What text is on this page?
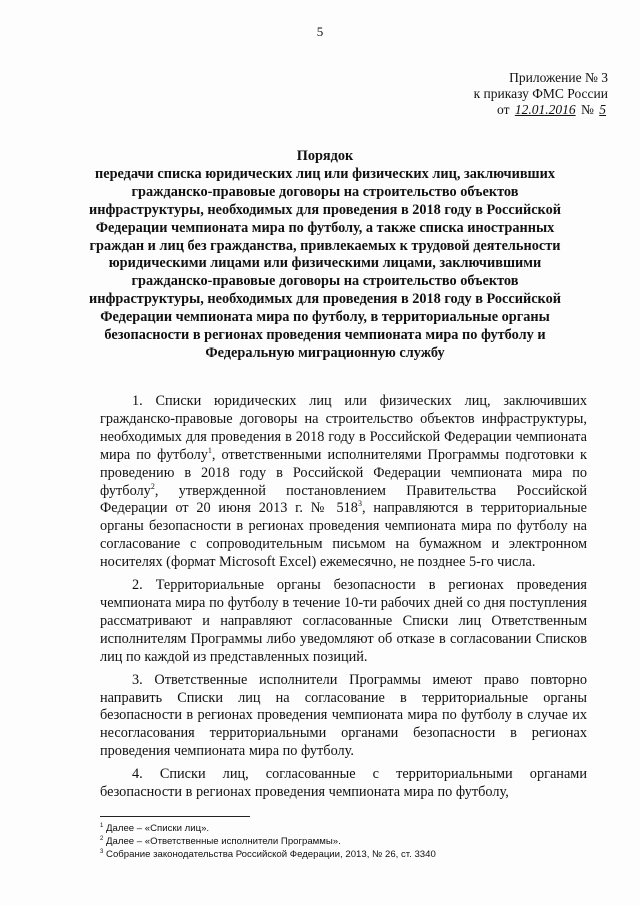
5
Приложение № 3
к приказу ФМС России
от 12.01.2016 № 5
Порядок
передачи списка юридических лиц или физических лиц, заключивших гражданско-правовые договоры на строительство объектов инфраструктуры, необходимых для проведения в 2018 году в Российской Федерации чемпионата мира по футболу, а также списка иностранных граждан и лиц без гражданства, привлекаемых к трудовой деятельности юридическими лицами или физическими лицами, заключившими гражданско-правовые договоры на строительство объектов инфраструктуры, необходимых для проведения в 2018 году в Российской Федерации чемпионата мира по футболу, в территориальные органы безопасности в регионах проведения чемпионата мира по футболу и Федеральную миграционную службу

1. Списки юридических лиц или физических лиц, заключивших гражданско-правовые договоры на строительство объектов инфраструктуры, необходимых для проведения в 2018 году в Российской Федерации чемпионата мира по футболу$^1$, ответственными исполнителями Программы подготовки к проведению в 2018 году в Российской Федерации чемпионата мира по футболу$^2$, утвержденной постановлением Правительства Российской Федерации от 20 июня 2013 г. № $518^3$, направляются в территориальные органы безопасности в регионах проведения чемпионата мира по футболу на согласование с сопроводительным письмом на бумажном и электронном носителях (формат Microsoft Excel) ежемесячно, не позднее 5-го числа.

2. Территориальные органы безопасности в регионах проведения чемпионата мира по футболу в течение 10-ти рабочих дней со дня поступления рассматривают и направляют согласованные Списки лиц Ответственным исполнителям Программы либо уведомляют об отказе в согласовании Списков лиц по каждой из представленных позиций.

3. Ответственные исполнители Программы имеют право повторно направить Списки лиц на согласование в территориальные органы безопасности в регионах проведения чемпионата мира по футболу в случае их несогласования территориальными органами безопасности в регионах проведения чемпионата мира по футболу.

4. Списки лиц, согласованные с территориальными органами безопасности в регионах проведения чемпионата мира по футболу,

$^1$ Далее – «Списки лиц».
$^2$ Далее – «Ответственные исполнители Программы».
$^3$ Собрание законодательства Российской Федерации, 2013, № 26, ст. 3340
